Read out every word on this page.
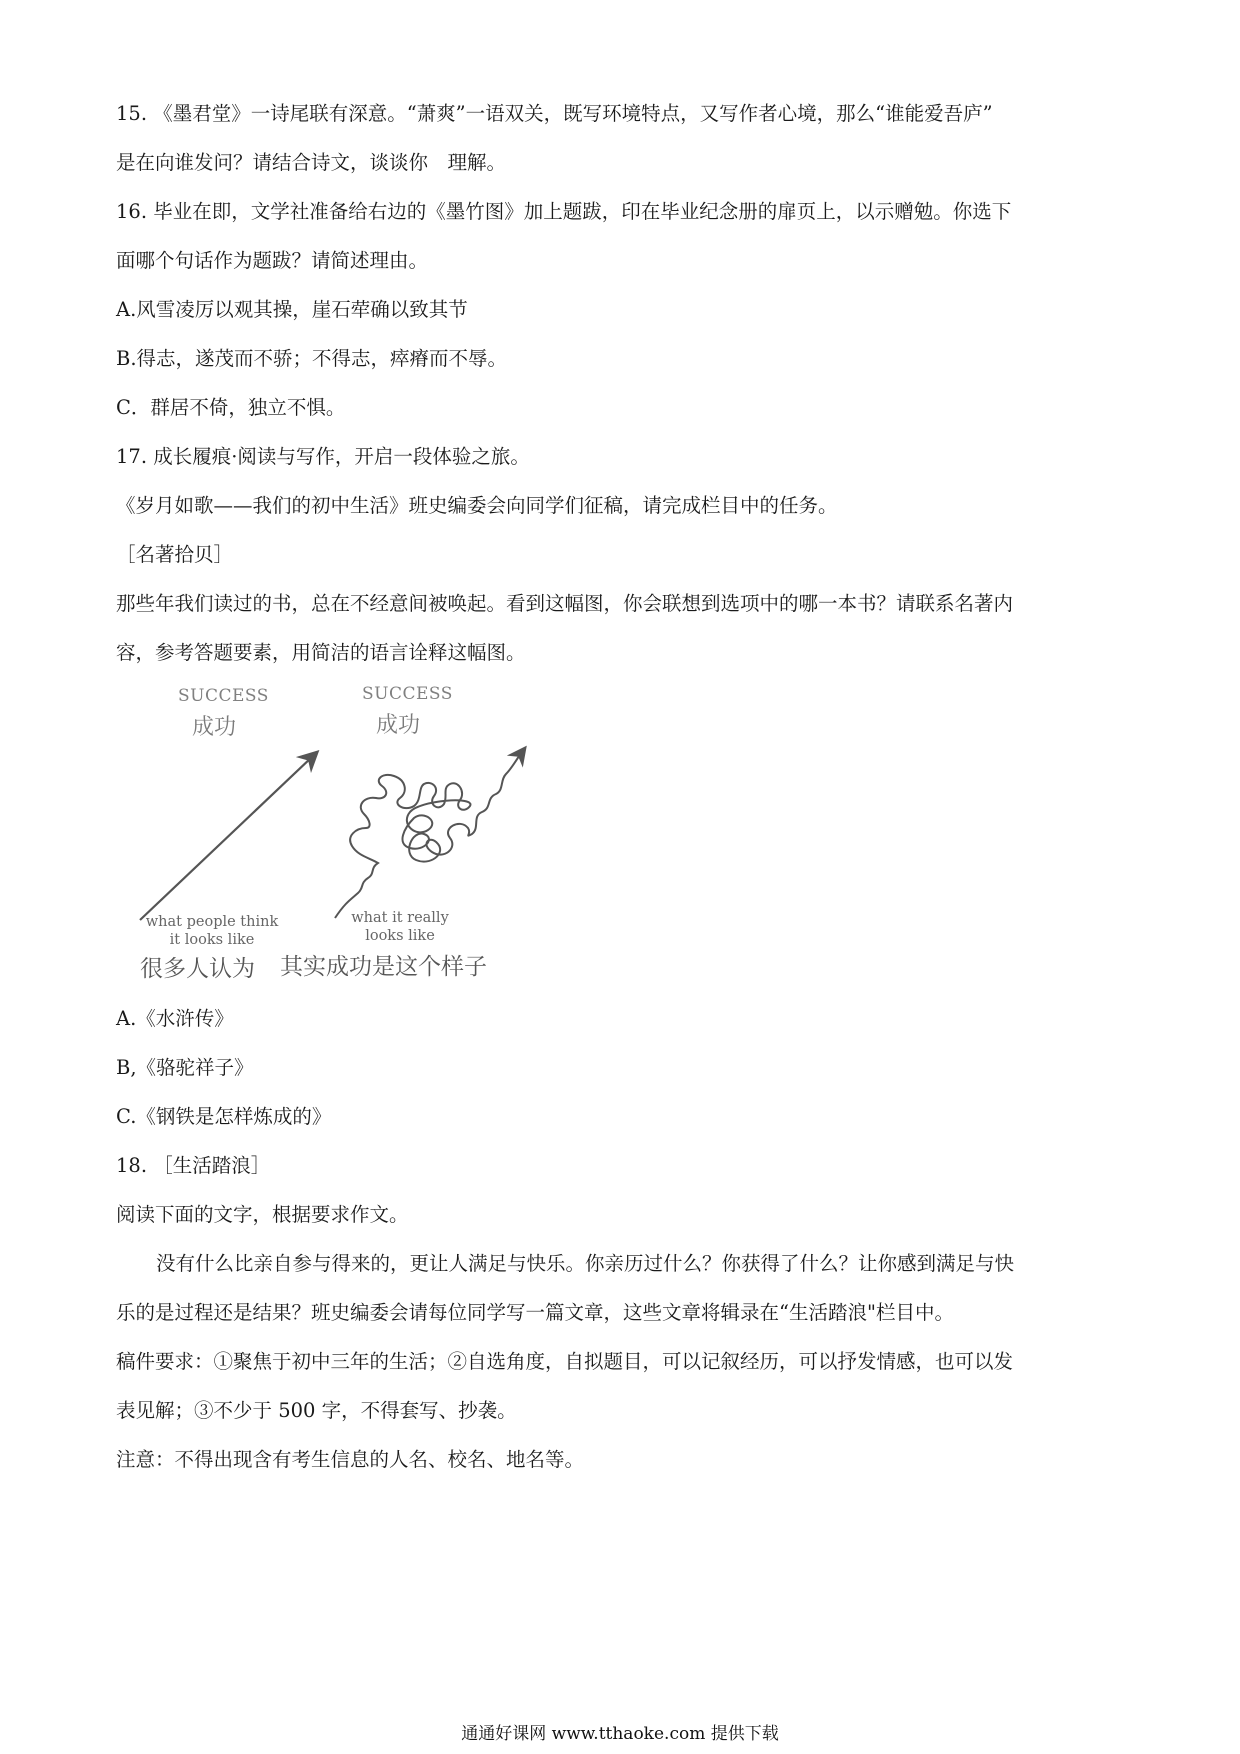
15. 《墨君堂》一诗尾联有深意。“萧爽”一语双关，既写环境特点，又写作者心境，那么“谁能爱吾庐”

是在向谁发问？请结合诗文，谈谈你　理解。

16. 毕业在即，文学社准备给右边的《墨竹图》加上题跋，印在毕业纪念册的扉页上，以示赠勉。你选下

面哪个句话作为题跋？请简述理由。

A.风雪凌厉以观其操，崖石荦确以致其节

B.得志，遂茂而不骄；不得志，瘁瘠而不辱。

C．群居不倚，独立不惧。

17. 成长履痕·阅读与写作，开启一段体验之旅。

《岁月如歌——我们的初中生活》班史编委会向同学们征稿，请完成栏目中的任务。

［名著拾贝］

那些年我们读过的书，总在不经意间被唤起。看到这幅图，你会联想到选项中的哪一本书？请联系名著内

容，参考答题要素，用简洁的语言诠释这幅图。

SUCCESS
成功
SUCCESS
成功
what people think
it looks like
很多人认为
what it really
looks like
其实成功是这个样子

A.《水浒传》

B,《骆驼祥子》

C.《钢铁是怎样炼成的》

18. ［生活踏浪］

阅读下面的文字，根据要求作文。

没有什么比亲自参与得来的，更让人满足与快乐。你亲历过什么？你获得了什么？让你感到满足与快

乐的是过程还是结果？班史编委会请每位同学写一篇文章，这些文章将辑录在“生活踏浪"栏目中。

稿件要求：①聚焦于初中三年的生活；②自选角度，自拟题目，可以记叙经历，可以抒发情感，也可以发

表见解；③不少于 500 字，不得套写、抄袭。

注意：不得出现含有考生信息的人名、校名、地名等。

通通好课网 www.tthaoke.com 提供下载
